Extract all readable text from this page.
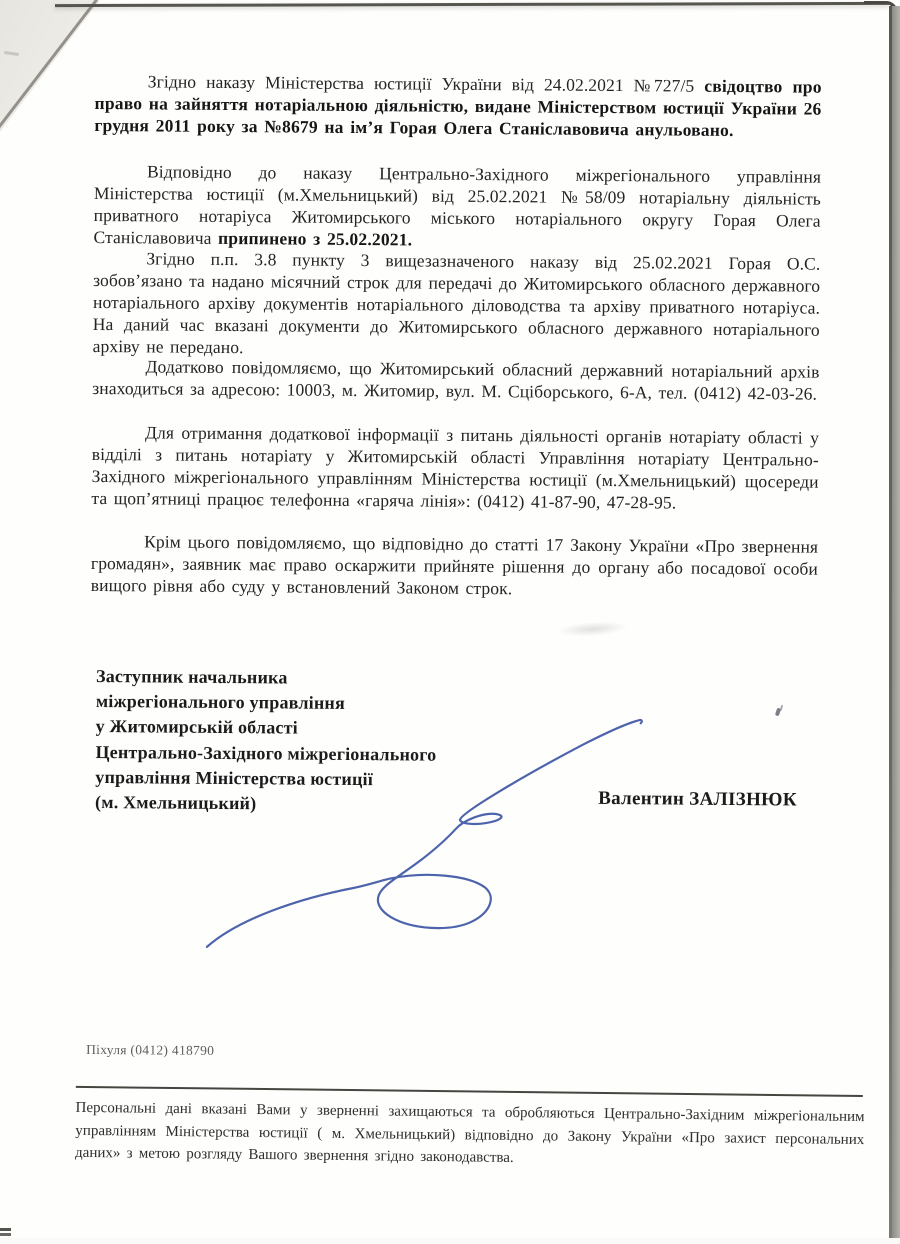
Згідно наказу Міністерства юстиції України від 24.02.2021 №727/5 свідоцтво про право на зайняття нотаріальною діяльністю, видане Міністерством юстиції України 26 грудня 2011 року за №8679 на ім’я Горая Олега Станіславовича анульовано.

Відповідно до наказу Центрально-Західного міжрегіонального управління Міністерства юстиції (м.Хмельницький) від 25.02.2021 №58/09 нотаріальну діяльність приватного нотаріуса Житомирського міського нотаріального округу Горая Олега Станіславовича припинено з 25.02.2021.

Згідно п.п. 3.8 пункту 3 вищезазначеного наказу від 25.02.2021 Горая О.С. зобов’язано та надано місячний строк для передачі до Житомирського обласного державного нотаріального архіву документів нотаріального діловодства та архіву приватного нотаріуса. На даний час вказані документи до Житомирського обласного державного нотаріального архіву не передано.

Додатково повідомляємо, що Житомирський обласний державний нотаріальний архів знаходиться за адресою: 10003, м. Житомир, вул. М. Сціборського, 6-А, тел. (0412) 42-03-26.

Для отримання додаткової інформації з питань діяльності органів нотаріату області у відділі з питань нотаріату у Житомирській області Управління нотаріату Центрально-Західного міжрегіонального управлінням Міністерства юстиції (м.Хмельницький) щосереди та щоп’ятниці працює телефонна «гаряча лінія»: (0412) 41-87-90, 47-28-95.

Крім цього повідомляємо, що відповідно до статті 17 Закону України «Про звернення громадян», заявник має право оскаржити прийняте рішення до органу або посадової особи вищого рівня або суду у встановлений Законом строк.

Заступник начальника
міжрегіонального управління
у Житомирській області
Центрально-Західного міжрегіонального
управління Міністерства юстиції
(м. Хмельницький)	Валентин ЗАЛІЗНЮК
Піхуля (0412) 418790
Персональні дані вказані Вами у зверненні захищаються та обробляються Центрально-Західним міжрегіональним управлінням Міністерства юстиції ( м. Хмельницький) відповідно до Закону України «Про захист персональних даних» з метою розгляду Вашого звернення згідно законодавства.
